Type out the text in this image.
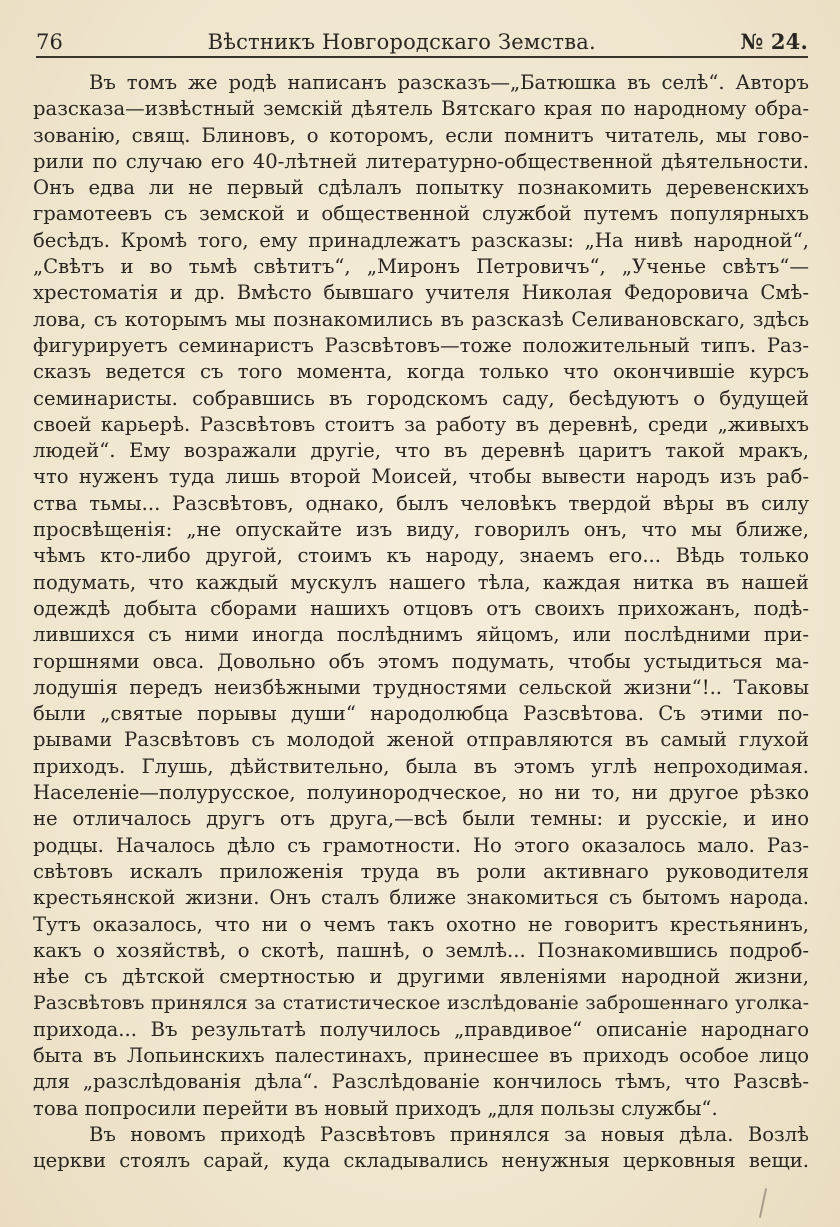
76	Вѣстникъ Новгородскаго Земства.	№ 24.
Въ томъ же родѣ написанъ разсказъ—„Батюшка въ селѣ“. Авторъ
разсказа—извѣстный земскій дѣятель Вятскаго края по народному обра-
зованію, свящ. Блиновъ, о которомъ, если помнитъ читатель, мы гово-
рили по случаю его 40-лѣтней литературно-общественной дѣятельности.
Онъ едва ли не первый сдѣлалъ попытку познакомить деревенскихъ
грамотеевъ съ земской и общественной службой путемъ популярныхъ
бесѣдъ. Кромѣ того, ему принадлежатъ разсказы: „На нивѣ народной“,
„Свѣтъ и во тьмѣ свѣтитъ“, „Миронъ Петровичъ“, „Ученье свѣтъ“—
хрестоматія и др. Вмѣсто бывшаго учителя Николая Федоровича Смѣ-
лова, съ которымъ мы познакомились въ разсказѣ Селивановскаго, здѣсь
фигурируетъ семинаристъ Разсвѣтовъ—тоже положительный типъ. Раз-
сказъ ведется съ того момента, когда только что окончившіе курсъ
семинаристы. собравшись въ городскомъ саду, бесѣдуютъ о будущей
своей карьерѣ. Разсвѣтовъ стоитъ за работу въ деревнѣ, среди „живыхъ
людей“. Ему возражали другіе, что въ деревнѣ царитъ такой мракъ,
что нуженъ туда лишь второй Моисей, чтобы вывести народъ изъ раб-
ства тьмы... Разсвѣтовъ, однако, былъ человѣкъ твердой вѣры въ силу
просвѣщенія: „не опускайте изъ виду, говорилъ онъ, что мы ближе,
чѣмъ кто-либо другой, стоимъ къ народу, знаемъ его... Вѣдь только
подумать, что каждый мускулъ нашего тѣла, каждая нитка въ нашей
одеждѣ добыта сборами нашихъ отцовъ отъ своихъ прихожанъ, подѣ-
лившихся съ ними иногда послѣднимъ яйцомъ, или послѣдними при-
горшнями овса. Довольно объ этомъ подумать, чтобы устыдиться ма-
лодушія передъ неизбѣжными трудностями сельской жизни“!.. Таковы
были „святые порывы души“ народолюбца Разсвѣтова. Съ этими по-
рывами Разсвѣтовъ съ молодой женой отправляются въ самый глухой
приходъ. Глушь, дѣйствительно, была въ этомъ углѣ непроходимая.
Населеніе—полурусское, полуинородческое, но ни то, ни другое рѣзко
не отличалось другъ отъ друга,—всѣ были темны: и русскіе, и ино
родцы. Началось дѣло съ грамотности. Но этого оказалось мало. Раз-
свѣтовъ искалъ приложенія труда въ роли активнаго руководителя
крестьянской жизни. Онъ сталъ ближе знакомиться съ бытомъ народа.
Тутъ оказалось, что ни о чемъ такъ охотно не говоритъ крестьянинъ,
какъ о хозяйствѣ, о скотѣ, пашнѣ, о землѣ... Познакомившись подроб-
нѣе съ дѣтской смертностью и другими явленіями народной жизни,
Разсвѣтовъ принялся за статистическое изслѣдованіе заброшеннаго уголка-
прихода... Въ результатѣ получилось „правдивое“ описаніе народнаго
быта въ Лопьинскихъ палестинахъ, принесшее въ приходъ особое лицо
для „разслѣдованія дѣла“. Разслѣдованіе кончилось тѣмъ, что Разсвѣ-
това попросили перейти въ новый приходъ „для пользы службы“.
Въ новомъ приходѣ Разсвѣтовъ принялся за новыя дѣла. Возлѣ
церкви стоялъ сарай, куда складывались ненужныя церковныя вещи.
